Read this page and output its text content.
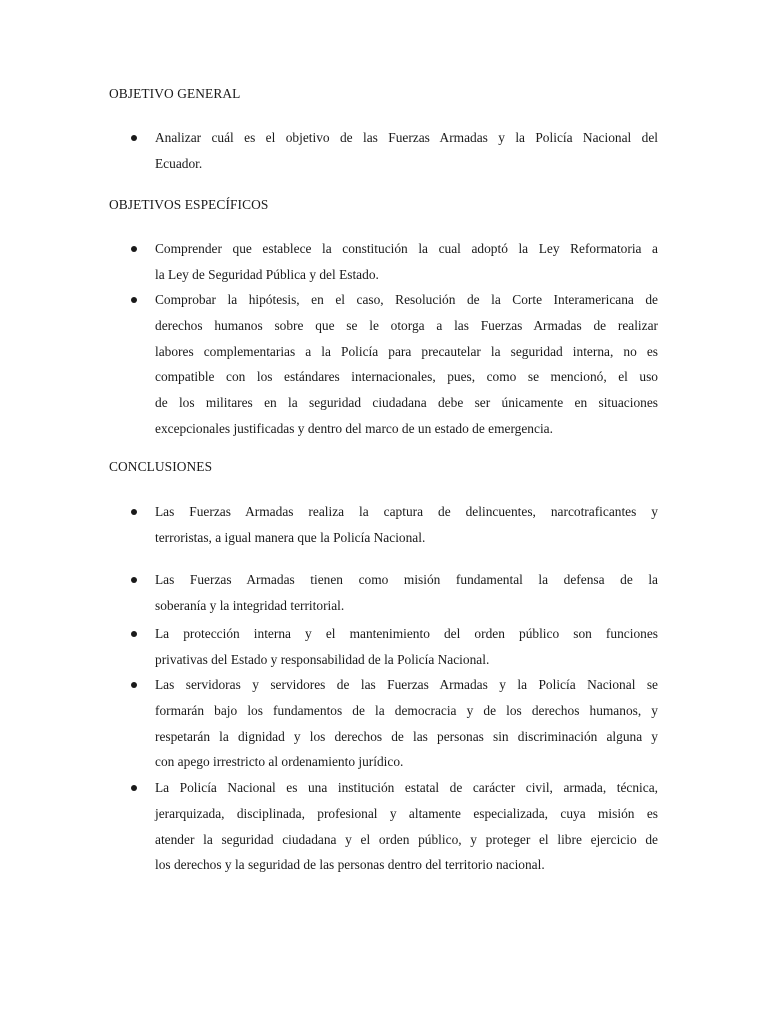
OBJETIVO GENERAL
Analizar cuál es el objetivo de las Fuerzas Armadas y la Policía Nacional del
Ecuador.
OBJETIVOS ESPECÍFICOS
Comprender que establece la constitución la cual adoptó la Ley Reformatoria a
la Ley de Seguridad Pública y del Estado.
Comprobar la hipótesis, en el caso, Resolución de la Corte Interamericana de
derechos humanos sobre que se le otorga a las Fuerzas Armadas de realizar
labores complementarias a la Policía para precautelar la seguridad interna, no es
compatible con los estándares internacionales, pues, como se mencionó, el uso
de los militares en la seguridad ciudadana debe ser únicamente en situaciones
excepcionales justificadas y dentro del marco de un estado de emergencia.
CONCLUSIONES
Las Fuerzas Armadas realiza la captura de delincuentes, narcotraficantes y
terroristas, a igual manera que la Policía Nacional.
Las Fuerzas Armadas tienen como misión fundamental la defensa de la
soberanía y la integridad territorial.
La protección interna y el mantenimiento del orden público son funciones
privativas del Estado y responsabilidad de la Policía Nacional.
Las servidoras y servidores de las Fuerzas Armadas y la Policía Nacional se
formarán bajo los fundamentos de la democracia y de los derechos humanos, y
respetarán la dignidad y los derechos de las personas sin discriminación alguna y
con apego irrestricto al ordenamiento jurídico.
La Policía Nacional es una institución estatal de carácter civil, armada, técnica,
jerarquizada, disciplinada, profesional y altamente especializada, cuya misión es
atender la seguridad ciudadana y el orden público, y proteger el libre ejercicio de
los derechos y la seguridad de las personas dentro del territorio nacional.
